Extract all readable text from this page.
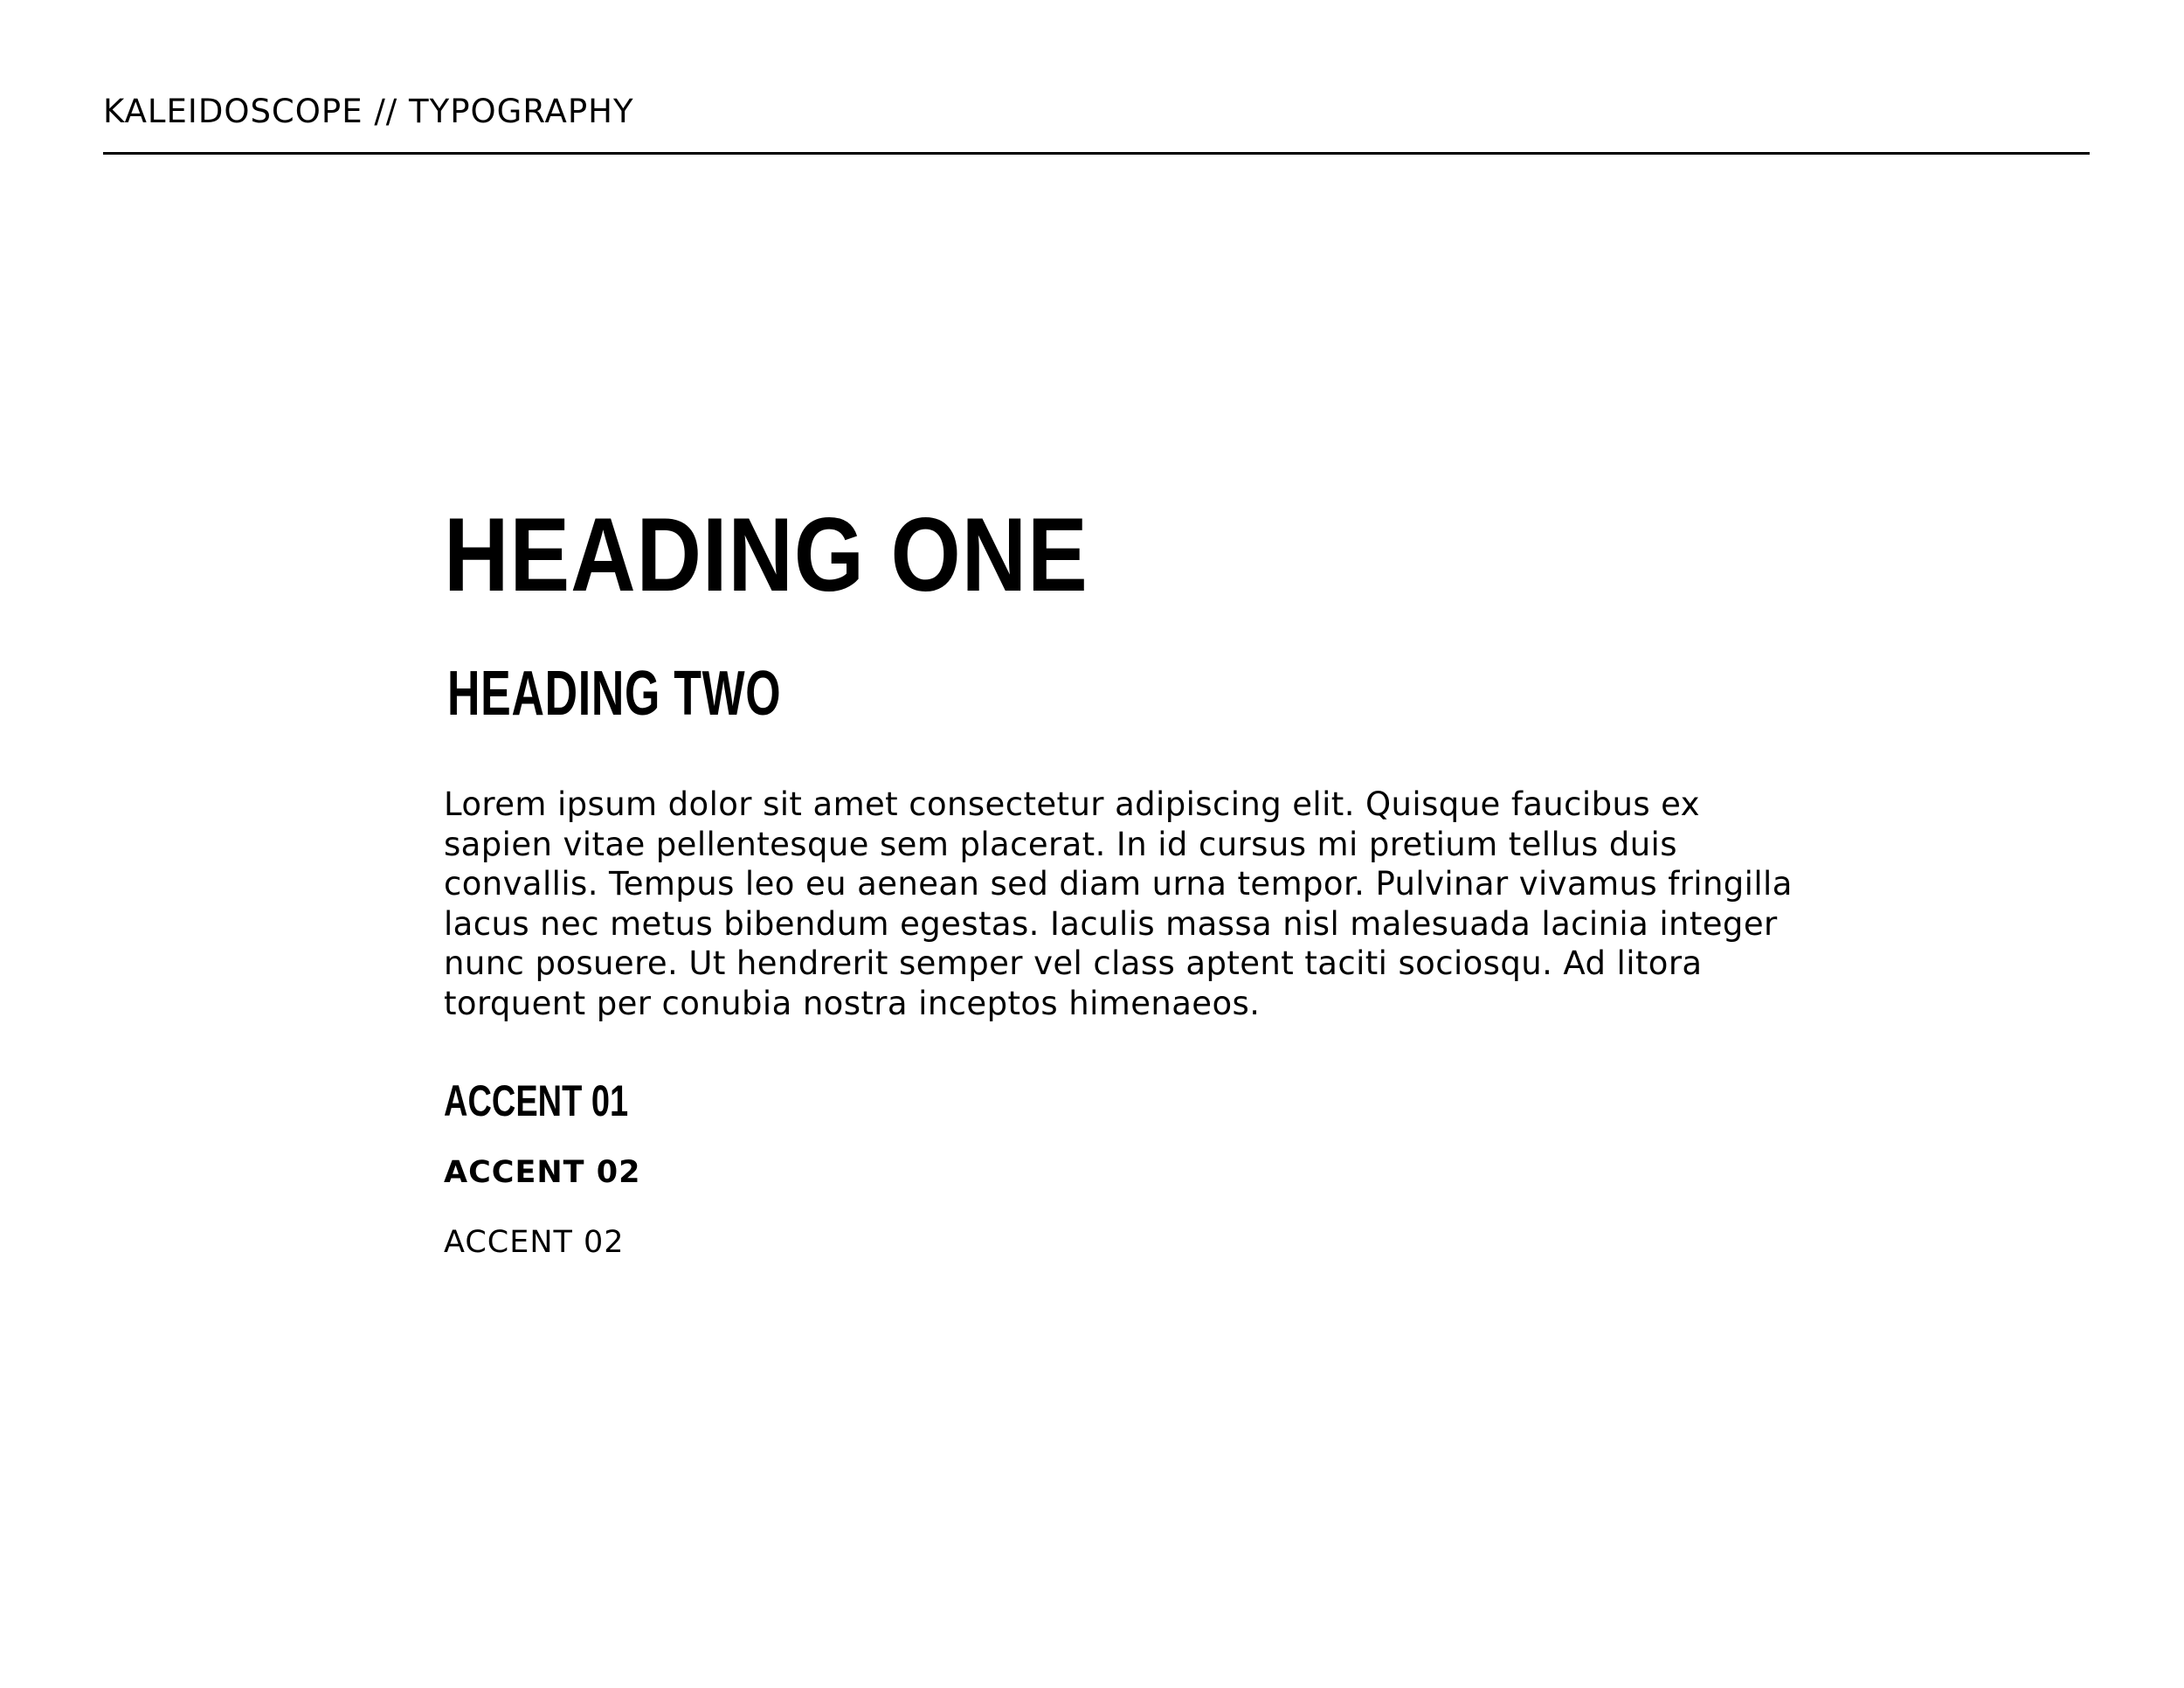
KALEIDOSCOPE // TYPOGRAPHY
HEADING ONE
HEADING TWO

Lorem ipsum dolor sit amet consectetur adipiscing elit. Quisque faucibus ex sapien vitae pellentesque sem placerat. In id cursus mi pretium tellus duis convallis. Tempus leo eu aenean sed diam urna tempor. Pulvinar vivamus fringilla lacus nec metus bibendum egestas. Iaculis massa nisl malesuada lacinia integer nunc posuere. Ut hendrerit semper vel class aptent taciti sociosqu. Ad litora torquent per conubia nostra inceptos himenaeos.

ACCENT 01
ACCENT 02
ACCENT 02
